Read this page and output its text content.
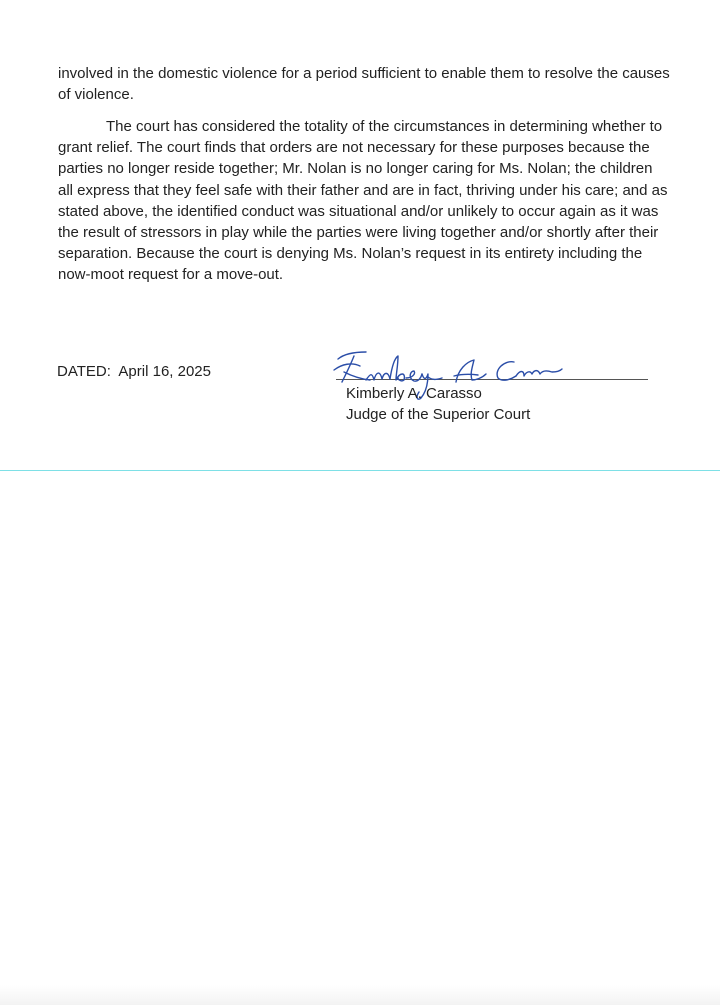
involved in the domestic violence for a period sufficient to enable them to resolve the causes of violence.

The court has considered the totality of the circumstances in determining whether to grant relief. The court finds that orders are not necessary for these purposes because the parties no longer reside together; Mr. Nolan is no longer caring for Ms. Nolan; the children all express that they feel safe with their father and are in fact, thriving under his care; and as stated above, the identified conduct was situational and/or unlikely to occur again as it was the result of stressors in play while the parties were living together and/or shortly after their separation. Because the court is denying Ms. Nolan’s request in its entirety including the now-moot request for a move-out.

DATED: April 16, 2025
Kimberly A. Carasso
Judge of the Superior Court
